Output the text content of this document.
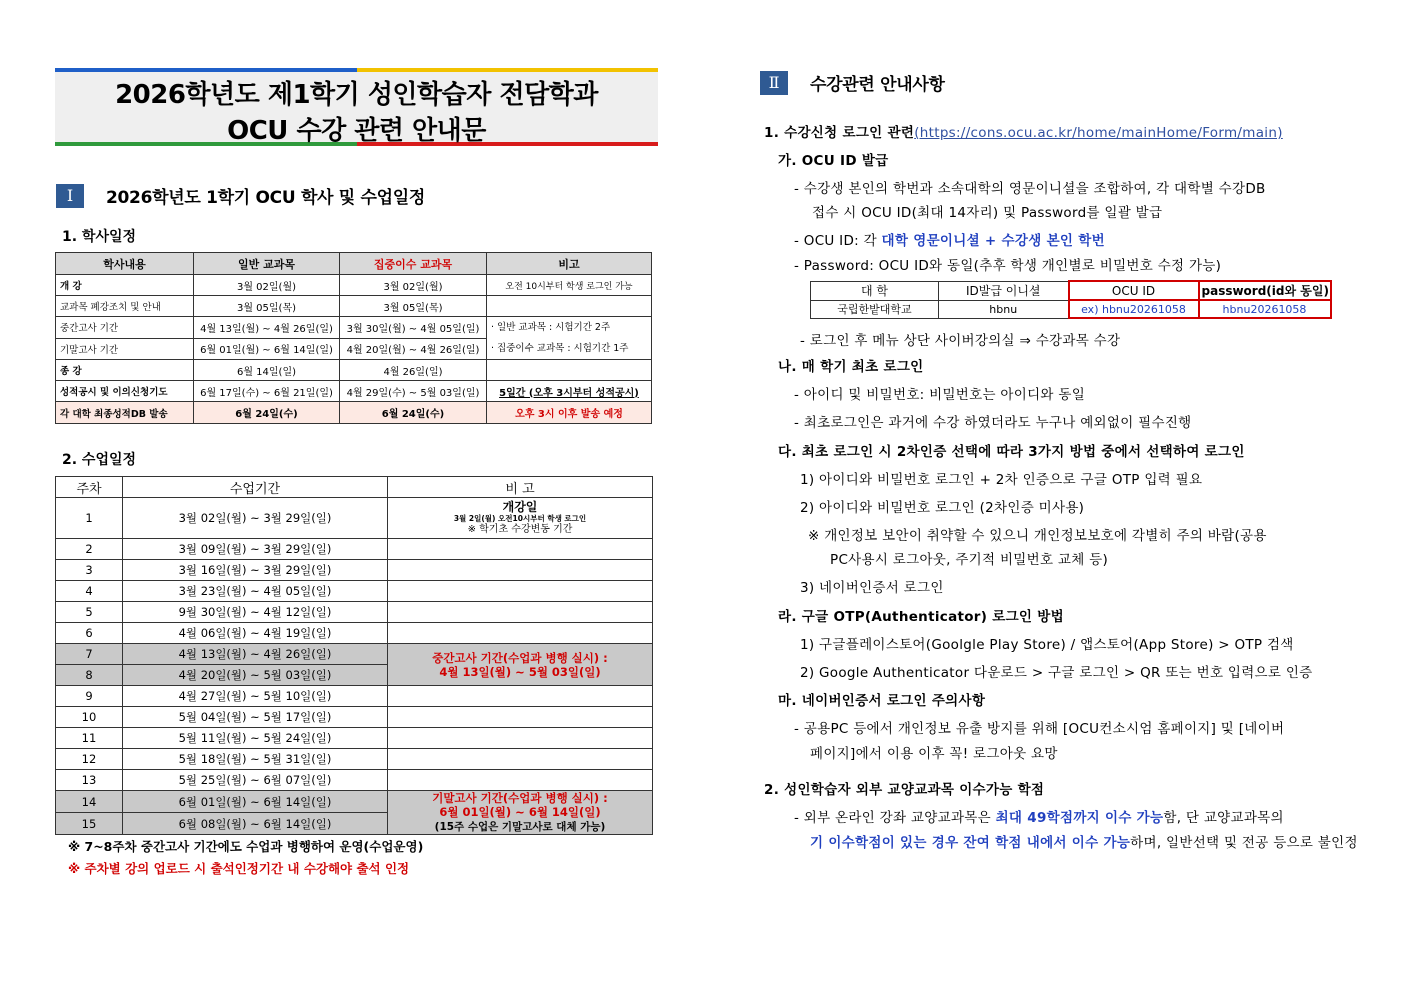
2026학년도 제1학기 성인학습자 전담학과
OCU 수강 관련 안내문
Ⅰ	2026학년도 1학기 OCU 학사 및 수업일정
1. 학사일정
학사내용	일반 교과목	집중이수 교과목	비고
개 강	3월 02일(월)	3월 02일(월)	오전 10시부터 학생 로그인 가능
교과목 폐강조치 및 안내	3월 05일(목)	3월 05일(목)	
중간고사 기간	4월 13일(월) ~ 4월 26일(일)	3월 30일(월) ~ 4월 05일(일)	· 일반 교과목 : 시험기간 2주
· 집중이수 교과목 : 시험기간 1주

기말고사 기간	6월 01일(월) ~ 6월 14일(일)	4월 20일(월) ~ 4월 26일(일)	
종 강	6월 14일(일)	4월 26일(일)	
성적공시 및 이의신청기도	6월 17일(수) ~ 6월 21일(일)	4월 29일(수) ~ 5월 03일(일)	5일간 (오후 3시부터 성적공시)
각 대학 최종성적DB 발송	6월 24일(수)	6월 24일(수)	오후 3시 이후 발송 예정
2. 수업일정
주차	수업기간	비 고
1	3월 02일(월) ~ 3월 29일(일)	개강일
3월 2일(월) 오전10시부터 학생 로그인
※ 학기초 수강변동 기간

2	3월 09일(월) ~ 3월 29일(일)	
3	3월 16일(월) ~ 3월 29일(일)	
4	3월 23일(월) ~ 4월 05일(일)	
5	9월 30일(월) ~ 4월 12일(일)	
6	4월 06일(월) ~ 4월 19일(일)	
7	4월 13일(월) ~ 4월 26일(일)	중간고사 기간(수업과 병행 실시) :
4월 13일(월) ~ 5월 03일(일)

8	4월 20일(월) ~ 5월 03일(일)	
9	4월 27일(월) ~ 5월 10일(일)	
10	5월 04일(월) ~ 5월 17일(일)	
11	5월 11일(월) ~ 5월 24일(일)	
12	5월 18일(월) ~ 5월 31일(일)	
13	5월 25일(월) ~ 6월 07일(일)	
14	6월 01일(월) ~ 6월 14일(일)	기말고사 기간(수업과 병행 실시) :
6월 01일(월) ~ 6월 14일(일)
(15주 수업은 기말고사로 대체 가능)

15	6월 08일(월) ~ 6월 14일(일)	
※ 7~8주차 중간고사 기간에도 수업과 병행하여 운영(수업운영)
※ 주차별 강의 업로드 시 출석인정기간 내 수강해야 출석 인정
Ⅱ	수강관련 안내사항
1. 수강신청 로그인 관련(https://cons.ocu.ac.kr/home/mainHome/Form/main)
가. OCU ID 발급
- 수강생 본인의 학번과 소속대학의 영문이니셜을 조합하여, 각 대학별 수강DB
접수 시 OCU ID(최대 14자리) 및 Password를 일괄 발급
- OCU ID: 각 대학 영문이니셜 + 수강생 본인 학번
- Password: OCU ID와 동일(추후 학생 개인별로 비밀번호 수정 가능)
대 학	ID발급 이니셜	OCU ID	password(id와 동일)
국립한밭대학교	hbnu	ex) hbnu20261058	hbnu20261058
- 로그인 후 메뉴 상단 사이버강의실 ⇒ 수강과목 수강
나. 매 학기 최초 로그인
- 아이디 및 비밀번호: 비밀번호는 아이디와 동일
- 최초로그인은 과거에 수강 하였더라도 누구나 예외없이 필수진행
다. 최초 로그인 시 2차인증 선택에 따라 3가지 방법 중에서 선택하여 로그인
1) 아이디와 비밀번호 로그인 + 2차 인증으로 구글 OTP 입력 필요
2) 아이디와 비밀번호 로그인 (2차인증 미사용)
※ 개인정보 보안이 취약할 수 있으니 개인정보보호에 각별히 주의 바람(공용
PC사용시 로그아웃, 주기적 비밀번호 교체 등)
3) 네이버인증서 로그인
라. 구글 OTP(Authenticator) 로그인 방법
1) 구글플레이스토어(Goolgle Play Store) / 앱스토어(App Store) > OTP 검색
2) Google Authenticator 다운로드 > 구글 로그인 > QR 또는 번호 입력으로 인증
마. 네이버인증서 로그인 주의사항
- 공용PC 등에서 개인정보 유출 방지를 위해 [OCU컨소시엄 홈페이지] 및 [네이버
페이지]에서 이용 이후 꼭! 로그아웃 요망
2. 성인학습자 외부 교양교과목 이수가능 학점
- 외부 온라인 강좌 교양교과목은 최대 49학점까지 이수 가능함, 단 교양교과목의
기 이수학점이 있는 경우 잔여 학점 내에서 이수 가능하며, 일반선택 및 전공 등으로 불인정
